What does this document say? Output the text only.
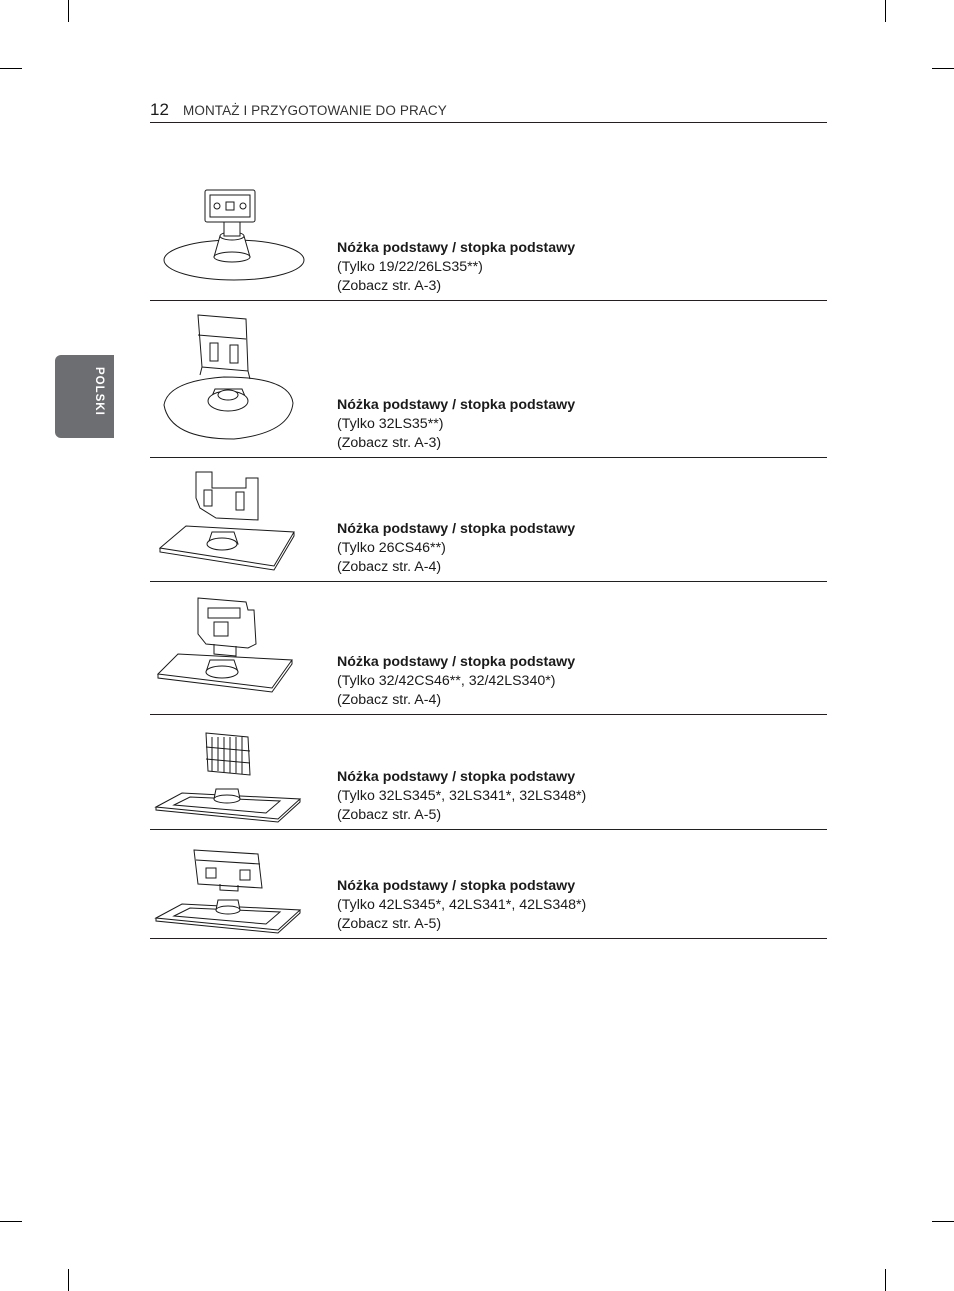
12 MONTAŻ I PRZYGOTOWANIE DO PRACY
POLSKI
Nóżka podstawy / stopka podstawy
(Tylko 19/22/26LS35**)
(Zobacz str. A-3)
Nóżka podstawy / stopka podstawy
(Tylko 32LS35**)
(Zobacz str. A-3)
Nóżka podstawy / stopka podstawy
(Tylko 26CS46**)
(Zobacz str. A-4)
Nóżka podstawy / stopka podstawy
(Tylko 32/42CS46**, 32/42LS340*)
(Zobacz str. A-4)
Nóżka podstawy / stopka podstawy
(Tylko 32LS345*, 32LS341*, 32LS348*)
(Zobacz str. A-5)
Nóżka podstawy / stopka podstawy
(Tylko 42LS345*, 42LS341*, 42LS348*)
(Zobacz str. A-5)
